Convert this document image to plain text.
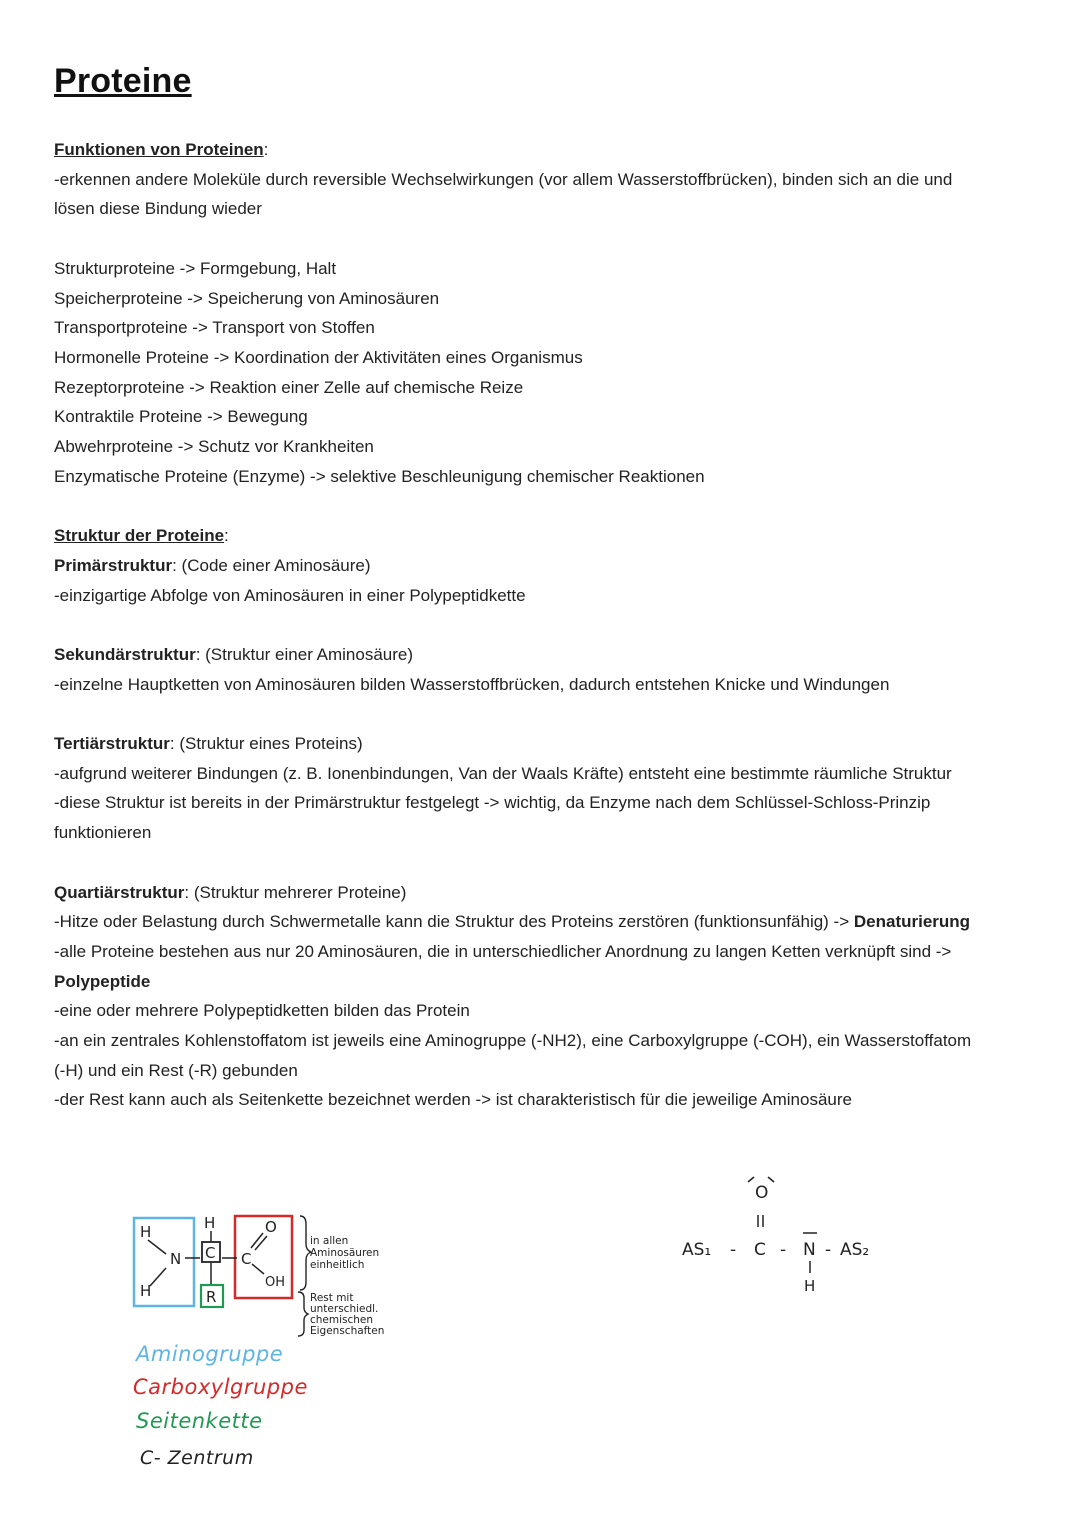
Proteine
Funktionen von Proteinen:
-erkennen andere Moleküle durch reversible Wechselwirkungen (vor allem Wasserstoffbrücken), binden sich an die und
lösen diese Bindung wieder
Strukturproteine -> Formgebung, Halt
Speicherproteine -> Speicherung von Aminosäuren
Transportproteine -> Transport von Stoffen
Hormonelle Proteine -> Koordination der Aktivitäten eines Organismus
Rezeptorproteine -> Reaktion einer Zelle auf chemische Reize
Kontraktile Proteine -> Bewegung
Abwehrproteine -> Schutz vor Krankheiten
Enzymatische Proteine (Enzyme) -> selektive Beschleunigung chemischer Reaktionen
Struktur der Proteine:
Primärstruktur: (Code einer Aminosäure)
-einzigartige Abfolge von Aminosäuren in einer Polypeptidkette
Sekundärstruktur: (Struktur einer Aminosäure)
-einzelne Hauptketten von Aminosäuren bilden Wasserstoffbrücken, dadurch entstehen Knicke und Windungen
Tertiärstruktur: (Struktur eines Proteins)
-aufgrund weiterer Bindungen (z. B. Ionenbindungen, Van der Waals Kräfte) entsteht eine bestimmte räumliche Struktur
-diese Struktur ist bereits in der Primärstruktur festgelegt -> wichtig, da Enzyme nach dem Schlüssel-Schloss-Prinzip
funktionieren
Quartiärstruktur: (Struktur mehrerer Proteine)
-Hitze oder Belastung durch Schwermetalle kann die Struktur des Proteins zerstören (funktionsunfähig) -> Denaturierung
-alle Proteine bestehen aus nur 20 Aminosäuren, die in unterschiedlicher Anordnung zu langen Ketten verknüpft sind ->
Polypeptide
-eine oder mehrere Polypeptidketten bilden das Protein
-an ein zentrales Kohlenstoffatom ist jeweils eine Aminogruppe (-NH2), eine Carboxylgruppe (-COH), ein Wasserstoffatom
(-H) und ein Rest (-R) gebunden
-der Rest kann auch als Seitenkette bezeichnet werden -> ist charakteristisch für die jeweilige Aminosäure
H
H
N
H
C
R
C
O
OH
in allen
Aminosäuren
einheitlich
Rest mit
unterschiedl.
chemischen
Eigenschaften
Aminogruppe
Carboxylgruppe
Seitenkette
C- Zentrum
AS₁ - C - N - AS₂
O
H
